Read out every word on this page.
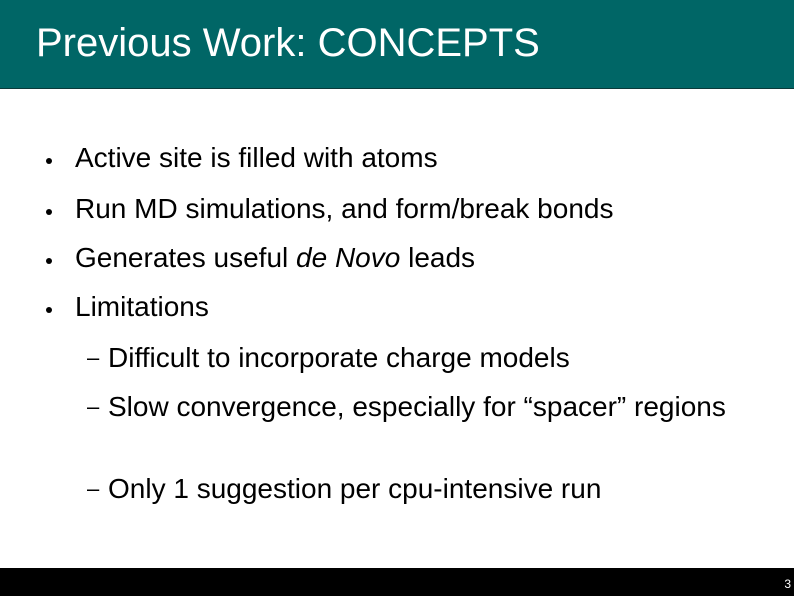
Previous Work: CONCEPTS
Active site is filled with atoms
Run MD simulations, and form/break bonds
Generates useful de Novo leads
Limitations
– Difficult to incorporate charge models
– Slow convergence, especially for “spacer” regions
– Only 1 suggestion per cpu-intensive run
3
